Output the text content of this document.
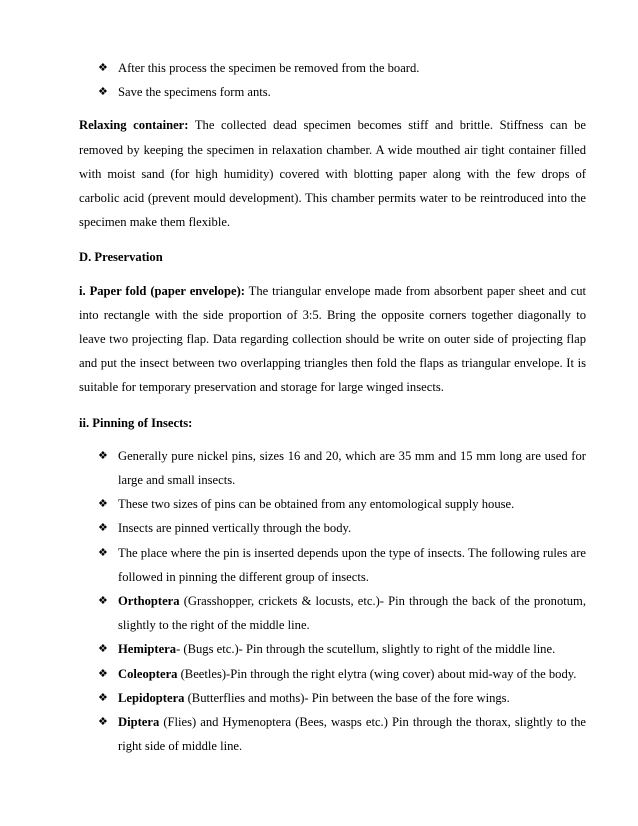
❖ After this process the specimen be removed from the board.
❖ Save the specimens form ants.

Relaxing container: The collected dead specimen becomes stiff and brittle. Stiffness can be removed by keeping the specimen in relaxation chamber. A wide mouthed air tight container filled with moist sand (for high humidity) covered with blotting paper along with the few drops of carbolic acid (prevent mould development). This chamber permits water to be reintroduced into the specimen make them flexible.

D. Preservation

i. Paper fold (paper envelope): The triangular envelope made from absorbent paper sheet and cut into rectangle with the side proportion of 3:5. Bring the opposite corners together diagonally to leave two projecting flap. Data regarding collection should be write on outer side of projecting flap and put the insect between two overlapping triangles then fold the flaps as triangular envelope. It is suitable for temporary preservation and storage for large winged insects.

ii. Pinning of Insects:

❖ Generally pure nickel pins, sizes 16 and 20, which are 35 mm and 15 mm long are used for large and small insects.
❖ These two sizes of pins can be obtained from any entomological supply house.
❖ Insects are pinned vertically through the body.
❖ The place where the pin is inserted depends upon the type of insects. The following rules are followed in pinning the different group of insects.
❖ Orthoptera (Grasshopper, crickets & locusts, etc.)- Pin through the back of the pronotum, slightly to the right of the middle line.
❖ Hemiptera- (Bugs etc.)- Pin through the scutellum, slightly to right of the middle line.
❖ Coleoptera (Beetles)-Pin through the right elytra (wing cover) about mid-way of the body.
❖ Lepidoptera (Butterflies and moths)- Pin between the base of the fore wings.
❖ Diptera (Flies) and Hymenoptera (Bees, wasps etc.) Pin through the thorax, slightly to the right side of middle line.
